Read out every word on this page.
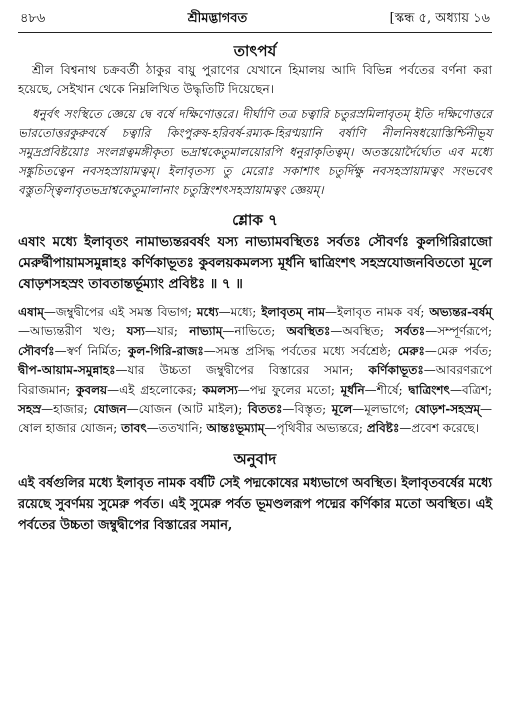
৪৮৬	শ্রীমদ্ভাগবত	[স্কন্ধ ৫, অধ্যায় ১৬
তাৎপর্য

শ্রীল বিশ্বনাথ চক্রবর্তী ঠাকুর বায়ু পুরাণের যেখানে হিমালয় আদি বিভিন্ন পর্বতের বর্ণনা করা হয়েছে, সেইখান থেকে নিম্নলিখিত উদ্ধৃতিটি দিয়েছেন।

ধনুর্বৎ সংস্থিতে জ্ঞেয়ে দ্বে বর্ষে দক্ষিণোত্তরে। দীর্ঘাণি তত্র চত্বারি চতুরস্রমিলাবৃতম্ ইতি দক্ষিণোত্তরে ভারতোত্তরকুরুবর্ষে চত্বারি কিংপুরুষ-হরিবর্ষ-রম্যক-হিরণ্ময়ানি বর্ষাণি নীলনিষধয়োস্তির্শ্চিনীভূয সমুদ্রপ্রবিষ্টয়োঃ সংলগ্নত্বমঙ্গীকৃত্য ভদ্রাশ্বকেতুমালয়োরপি ধনুরাকৃতিত্বম্। অতস্তয়োর্দৈর্ঘ্যেত এব মধ্যে সঙ্কুচিতত্বেন নবসহস্রায়ামত্বম্। ইলাবৃতস্য তু মেরোঃ সকাশাৎ চতুর্দিক্ষু নবসহস্রায়ামত্বং সংভবেৎ বস্তুতস্ত্বিলাবৃতভদ্রাশ্বকেতুমালানাং চতুস্ত্রিংশৎসহস্রায়ামত্বং জ্ঞেয়ম্।
শ্লোক ৭
এষাং মধ্যে ইলাবৃতং নামাভ্যন্তরবর্ষং যস্য নাভ্যামবস্থিতঃ সর্বতঃ সৌবর্ণঃ কুলগিরিরাজো মেরুর্দ্বীপায়ামসমুন্নাহঃ কর্ণিকাভূতঃ কুবলয়কমলস্য মূর্ধনি দ্বাত্রিংশৎ সহস্রযোজনবিততো মূলে ষোড়শসহস্রং তাবতান্তর্ভূম্যাং প্রবিষ্টঃ ॥ ৭ ॥
এষাম্—জম্বুদ্বীপের এই সমস্ত বিভাগ; মধ্যে—মধ্যে; ইলাবৃতম্ নাম—ইলাবৃত নামক বর্ষ; অভ্যন্তর-বর্ষম্—আভ্যন্তরীণ খণ্ড; যস্য—যার; নাভ্যাম্—নাভিতে; অবস্থিতঃ—অবস্থিত; সর্বতঃ—সম্পূর্ণরূপে; সৌবর্ণঃ—স্বর্ণ নির্মিত; কুল-গিরি-রাজঃ—সমস্ত প্রসিদ্ধ পর্বতের মধ্যে সর্বশ্রেষ্ঠ; মেরুঃ—মেরু পর্বত; দ্বীপ-আয়াম-সমুন্নাহঃ—যার উচ্চতা জম্বুদ্বীপের বিস্তারের সমান; কর্ণিকাভূতঃ—আবরণরূপে বিরাজমান; কুবলয়—এই গ্রহলোকের; কমলস্য—পদ্ম ফুলের মতো; মূর্ধনি—শীর্ষে; দ্বাত্রিংশৎ—বত্রিশ; সহস্র—হাজার; যোজন—যোজন (আট মাইল); বিততঃ—বিস্তৃত; মূলে—মূলভাগে; ষোড়শ-সহস্রম্—ষোল হাজার যোজন; তাবৎ—ততখানি; আন্তঃভূম্যাম্—পৃথিবীর অভ্যন্তরে; প্রবিষ্টঃ—প্রবেশ করেছে।
অনুবাদ
এই বর্ষগুলির মধ্যে ইলাবৃত নামক বর্ষটি সেই পদ্মকোষের মধ্যভাগে অবস্থিত। ইলাবৃতবর্ষের মধ্যে রয়েছে সুবর্ণময় সুমেরু পর্বত। এই সুমেরু পর্বত ভূমণ্ডলরূপ পদ্মের কর্ণিকার মতো অবস্থিত। এই পর্বতের উচ্চতা জম্বুদ্বীপের বিস্তারের সমান,
